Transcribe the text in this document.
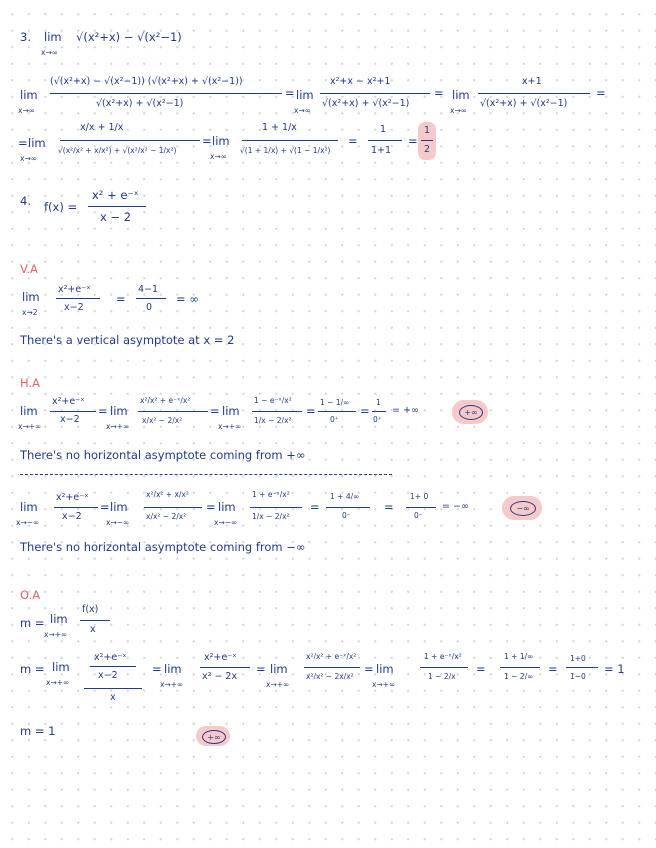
3. lim
x→∞
√(x²+x) − √(x²−1)
lim
x→∞
(√(x²+x) − √(x²−1)) (√(x²+x) + √(x²−1))
√(x²+x) + √(x²−1)
= lim
x→∞
x²+x − x²+1
√(x²+x) + √(x²−1)
= lim
x→∞
x+1
√(x²+x) + √(x²−1)
=
= lim
x→∞
x/x + 1/x
√(x²/x² + x/x²) + √(x²/x² − 1/x²)
= lim
x→∞
1 + 1/x
√(1 + 1/x) + √(1 − 1/x²)
=
1
1+1
=
1
2
4. f(x) =
x² + e⁻ˣ
x − 2
V.A
lim
x→2
x²+e⁻ˣ
x−2
=
4−1
0
= ∞
There's a vertical asymptote at x = 2
H.A
lim
x→+∞
x²+e⁻ˣ
x−2
= lim
x→+∞
x²/x² + e⁻ˣ/x²
x/x² − 2/x²
= lim
x→+∞
1 − e⁻ˣ/x²
1/x − 2/x²
=
1 − 1/∞
0⁺
=
1
0⁺
= +∞	+∞
There's no horizontal asymptote coming from +∞
lim
x→−∞
x²+e⁻ˣ
x−2
= lim
x→−∞
x²/x² + x/x²
x/x² − 2/x²
= lim
x→−∞
1 + e⁻ˣ/x²
1/x − 2/x²
=
1 + 4/∞
0⁻
=
1+ 0
0⁻
= −∞	−∞
There's no horizontal asymptote coming from −∞
O.A
m = lim
x→+∞
f(x)
x
m = lim
x→+∞
x²+e⁻ˣ
x−2
x
= lim
x→+∞
x²+e⁻ˣ
x² − 2x
= lim
x→+∞
x²/x² + e⁻ˣ/x²
x²/x² − 2x/x²
= lim
x→+∞
1 + e⁻ˣ/x²
1 − 2/x
=
1 + 1/∞
1 − 2/∞
=
1+0
1−0
= 1
m = 1	+∞
